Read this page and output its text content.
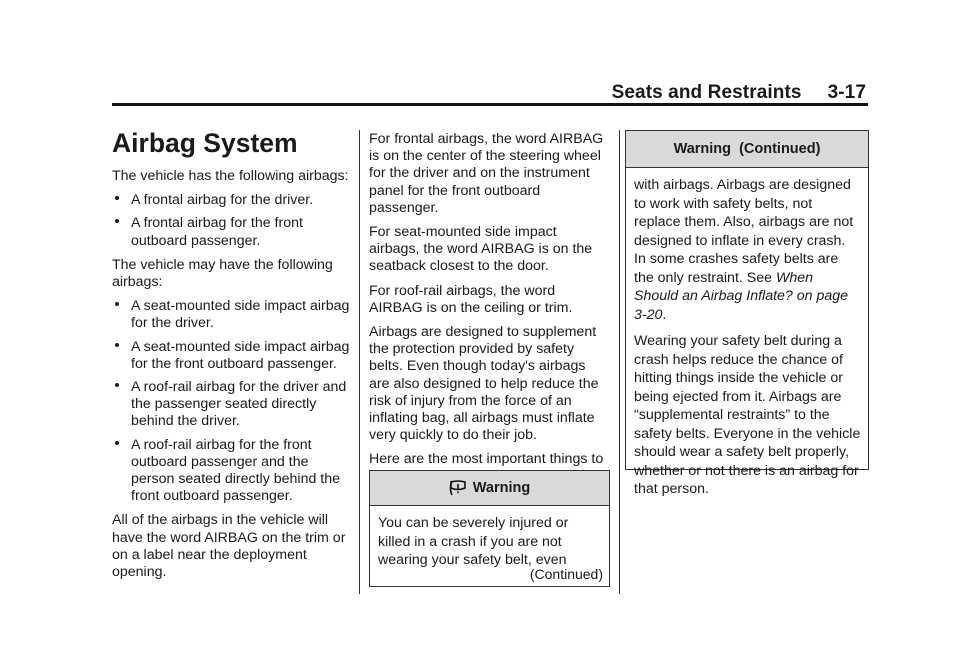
Seats and Restraints 3-17
Airbag System

The vehicle has the following airbags:

A frontal airbag for the driver.
A frontal airbag for the front outboard passenger.

The vehicle may have the following airbags:

A seat-mounted side impact airbag for the driver.
A seat-mounted side impact airbag for the front outboard passenger.
A roof-rail airbag for the driver and the passenger seated directly behind the driver.
A roof-rail airbag for the front outboard passenger and the person seated directly behind the front outboard passenger.

All of the airbags in the vehicle will have the word AIRBAG on the trim or on a label near the deployment opening.

For frontal airbags, the word AIRBAG is on the center of the steering wheel for the driver and on the instrument panel for the front outboard passenger.

For seat-mounted side impact airbags, the word AIRBAG is on the seatback closest to the door.

For roof-rail airbags, the word AIRBAG is on the ceiling or trim.

Airbags are designed to supplement the protection provided by safety belts. Even though today's airbags are also designed to help reduce the risk of injury from the force of an inflating bag, all airbags must inflate very quickly to do their job.

Here are the most important things to

Warning

You can be severely injured or killed in a crash if you are not wearing your safety belt, even

(Continued)
Warning  (Continued)

with airbags. Airbags are designed to work with safety belts, not replace them. Also, airbags are not designed to inflate in every crash. In some crashes safety belts are the only restraint. See When Should an Airbag Inflate? on page 3-20.

Wearing your safety belt during a crash helps reduce the chance of hitting things inside the vehicle or being ejected from it. Airbags are “supplemental restraints” to the safety belts. Everyone in the vehicle should wear a safety belt properly, whether or not there is an airbag for that person.
